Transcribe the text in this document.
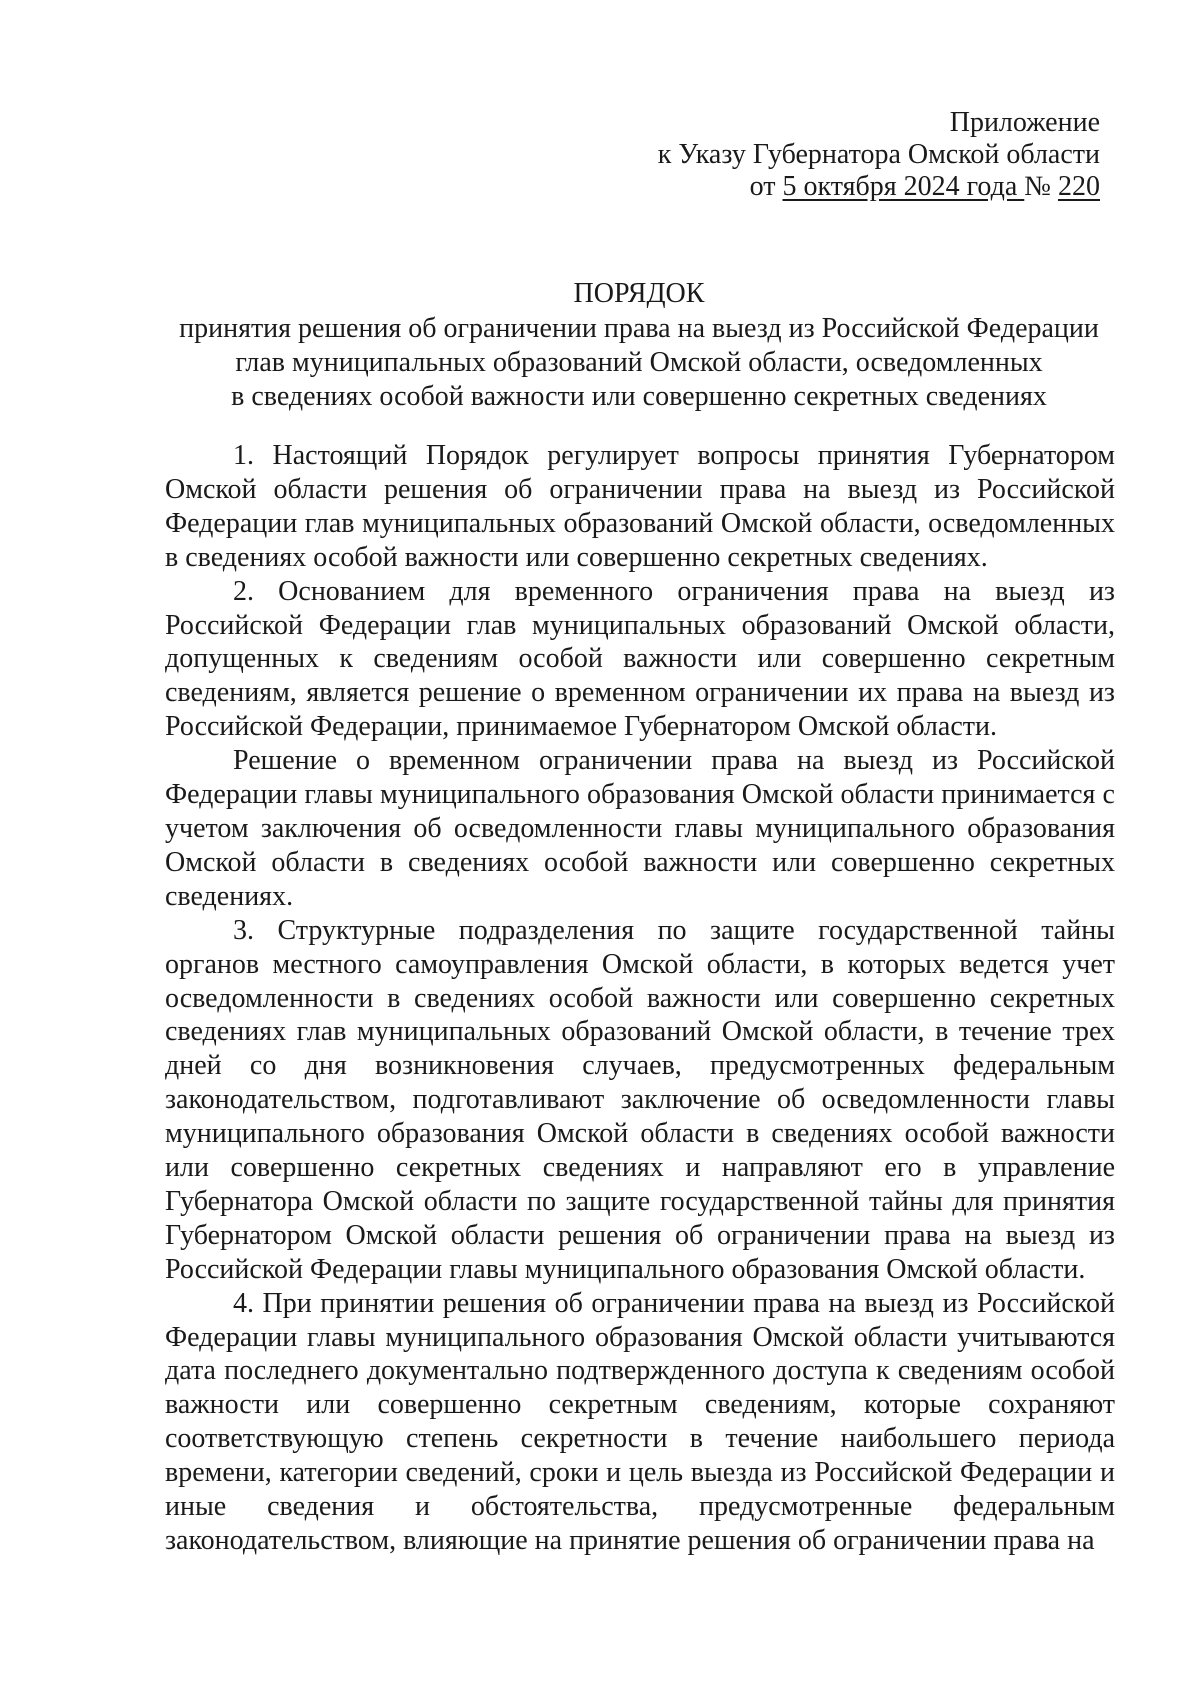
Приложение
к Указу Губернатора Омской области
от 5 октября 2024 года № 220
ПОРЯДОК
принятия решения об ограничении права на выезд из Российской Федерации
глав муниципальных образований Омской области, осведомленных
в сведениях особой важности или совершенно секретных сведениях

1. Настоящий Порядок регулирует вопросы принятия Губернатором Омской области решения об ограничении права на выезд из Российской Федерации глав муниципальных образований Омской области, осведомленных в сведениях особой важности или совершенно секретных сведениях.

2. Основанием для временного ограничения права на выезд из Российской Федерации глав муниципальных образований Омской области, допущенных к сведениям особой важности или совершенно секретным сведениям, является решение о временном ограничении их права на выезд из Российской Федерации, принимаемое Губернатором Омской области.

Решение о временном ограничении права на выезд из Российской Федерации главы муниципального образования Омской области принимается с учетом заключения об осведомленности главы муниципального образования Омской области в сведениях особой важности или совершенно секретных сведениях.

3. Структурные подразделения по защите государственной тайны органов местного самоуправления Омской области, в которых ведется учет осведомленности в сведениях особой важности или совершенно секретных сведениях глав муниципальных образований Омской области, в течение трех дней со дня возникновения случаев, предусмотренных федеральным законодательством, подготавливают заключение об осведомленности главы муниципального образования Омской области в сведениях особой важности или совершенно секретных сведениях и направляют его в управление Губернатора Омской области по защите государственной тайны для принятия Губернатором Омской области решения об ограничении права на выезд из Российской Федерации главы муниципального образования Омской области.

4. При принятии решения об ограничении права на выезд из Российской Федерации главы муниципального образования Омской области учитываются дата последнего документально подтвержденного доступа к сведениям особой важности или совершенно секретным сведениям, которые сохраняют соответствующую степень секретности в течение наибольшего периода времени, категории сведений, сроки и цель выезда из Российской Федерации и иные сведения и обстоятельства, предусмотренные федеральным законодательством, влияющие на принятие решения об ограничении права на
